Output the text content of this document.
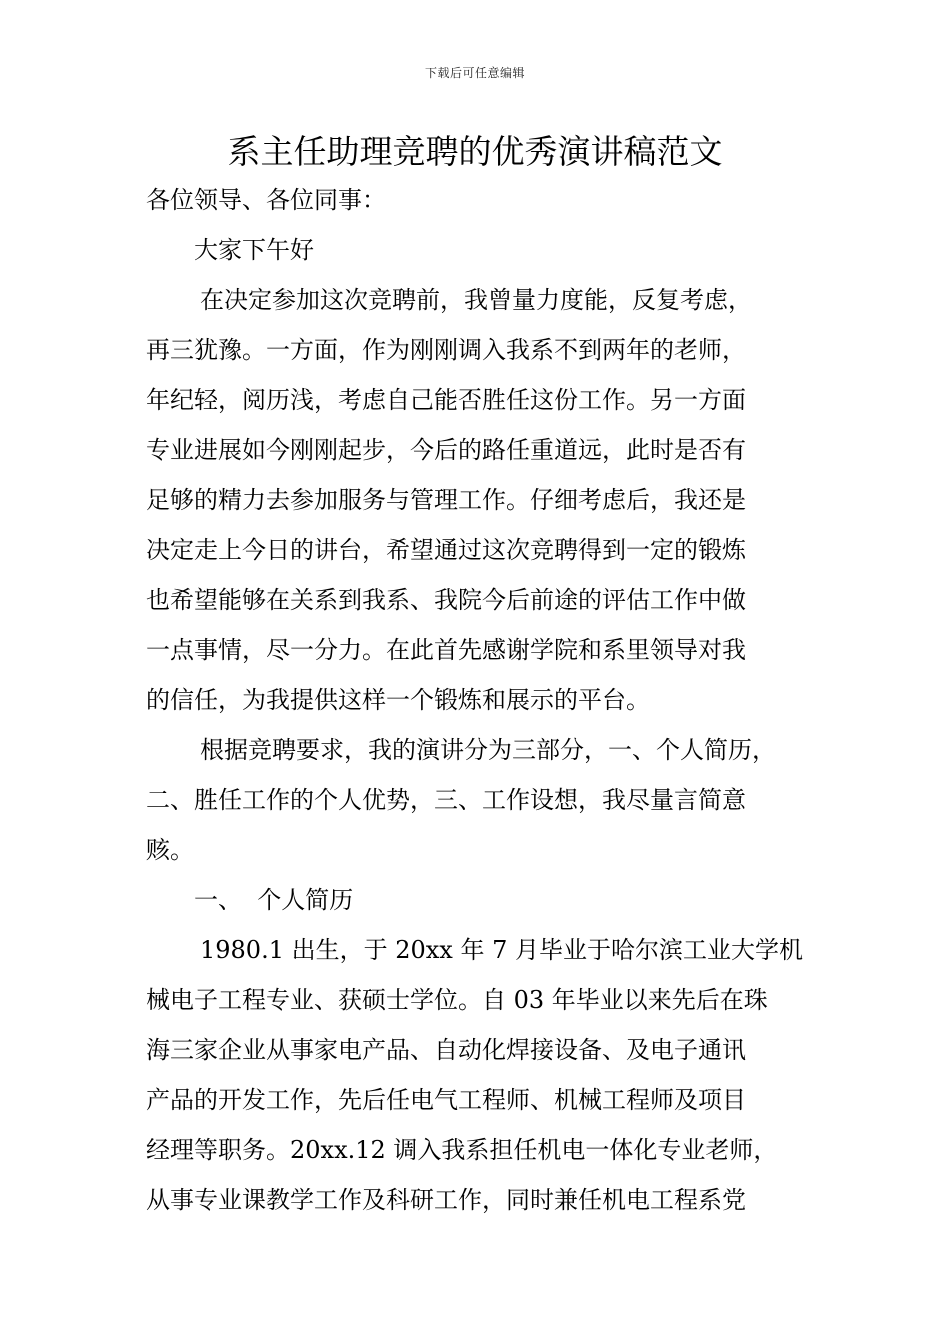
下载后可任意编辑
系主任助理竞聘的优秀演讲稿范文
各位领导、各位同事：
大家下午好
在决定参加这次竞聘前，我曾量力度能，反复考虑，
再三犹豫。一方面，作为刚刚调入我系不到两年的老师，
年纪轻，阅历浅，考虑自己能否胜任这份工作。另一方面
专业进展如今刚刚起步，今后的路任重道远，此时是否有
足够的精力去参加服务与管理工作。仔细考虑后，我还是
决定走上今日的讲台，希望通过这次竞聘得到一定的锻炼
也希望能够在关系到我系、我院今后前途的评估工作中做
一点事情，尽一分力。在此首先感谢学院和系里领导对我
的信任，为我提供这样一个锻炼和展示的平台。
根据竞聘要求，我的演讲分为三部分，一、个人简历，
二、胜任工作的个人优势，三、工作设想，我尽量言简意
赅。
一、  个人简历
1980.1 出生，于 20xx 年 7 月毕业于哈尔滨工业大学机
械电子工程专业、获硕士学位。自 03 年毕业以来先后在珠
海三家企业从事家电产品、自动化焊接设备、及电子通讯
产品的开发工作，先后任电气工程师、机械工程师及项目
经理等职务。20xx.12 调入我系担任机电一体化专业老师，
从事专业课教学工作及科研工作，同时兼任机电工程系党
